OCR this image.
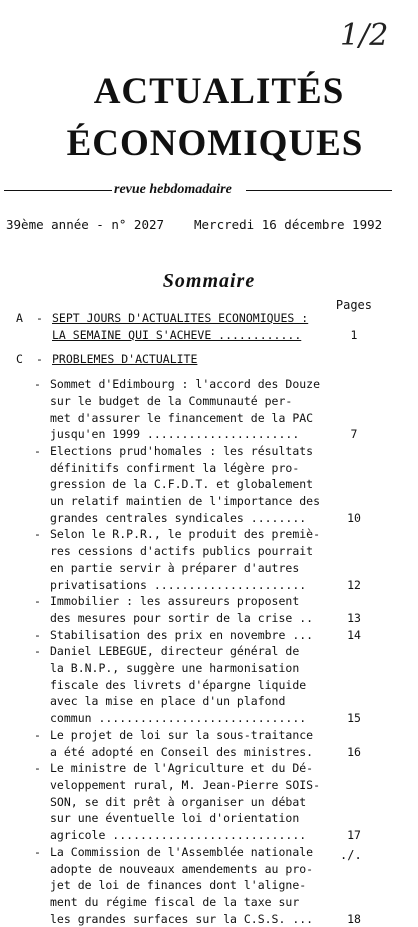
1/2
ACTUALITÉS
ÉCONOMIQUES
revue hebdomadaire
39ème année - n° 2027 Mercredi 16 décembre 1992
Sommaire
Pages
A	- SEPT JOURS D'ACTUALITES ECONOMIQUES :
LA SEMAINE QUI S'ACHEVE ............	1
C	- PROBLEMES D'ACTUALITE
- Sommet d'Edimbourg : l'accord des Douze
sur le budget de la Communauté per-
met d'assurer le financement de la PAC
jusqu'en 1999 ......................	7
- Elections prud'homales : les résultats
définitifs confirment la légère pro-
gression de la C.F.D.T. et globalement
un relatif maintien de l'importance des
grandes centrales syndicales ........	10
- Selon le R.P.R., le produit des premiè-
res cessions d'actifs publics pourrait
en partie servir à préparer d'autres
privatisations ......................	12
- Immobilier : les assureurs proposent
des mesures pour sortir de la crise ..	13
- Stabilisation des prix en novembre ...	14
- Daniel LEBEGUE, directeur général de
la B.N.P., suggère une harmonisation
fiscale des livrets d'épargne liquide
avec la mise en place d'un plafond
commun ..............................	15
- Le projet de loi sur la sous-traitance
a été adopté en Conseil des ministres.	16
- Le ministre de l'Agriculture et du Dé-
veloppement rural, M. Jean-Pierre SOIS-
SON, se dit prêt à organiser un débat
sur une éventuelle loi d'orientation
agricole ............................	17
- La Commission de l'Assemblée nationale
adopte de nouveaux amendements au pro-
jet de loi de finances dont l'aligne-
ment du régime fiscal de la taxe sur
les grandes surfaces sur la C.S.S. ...	18
./.
